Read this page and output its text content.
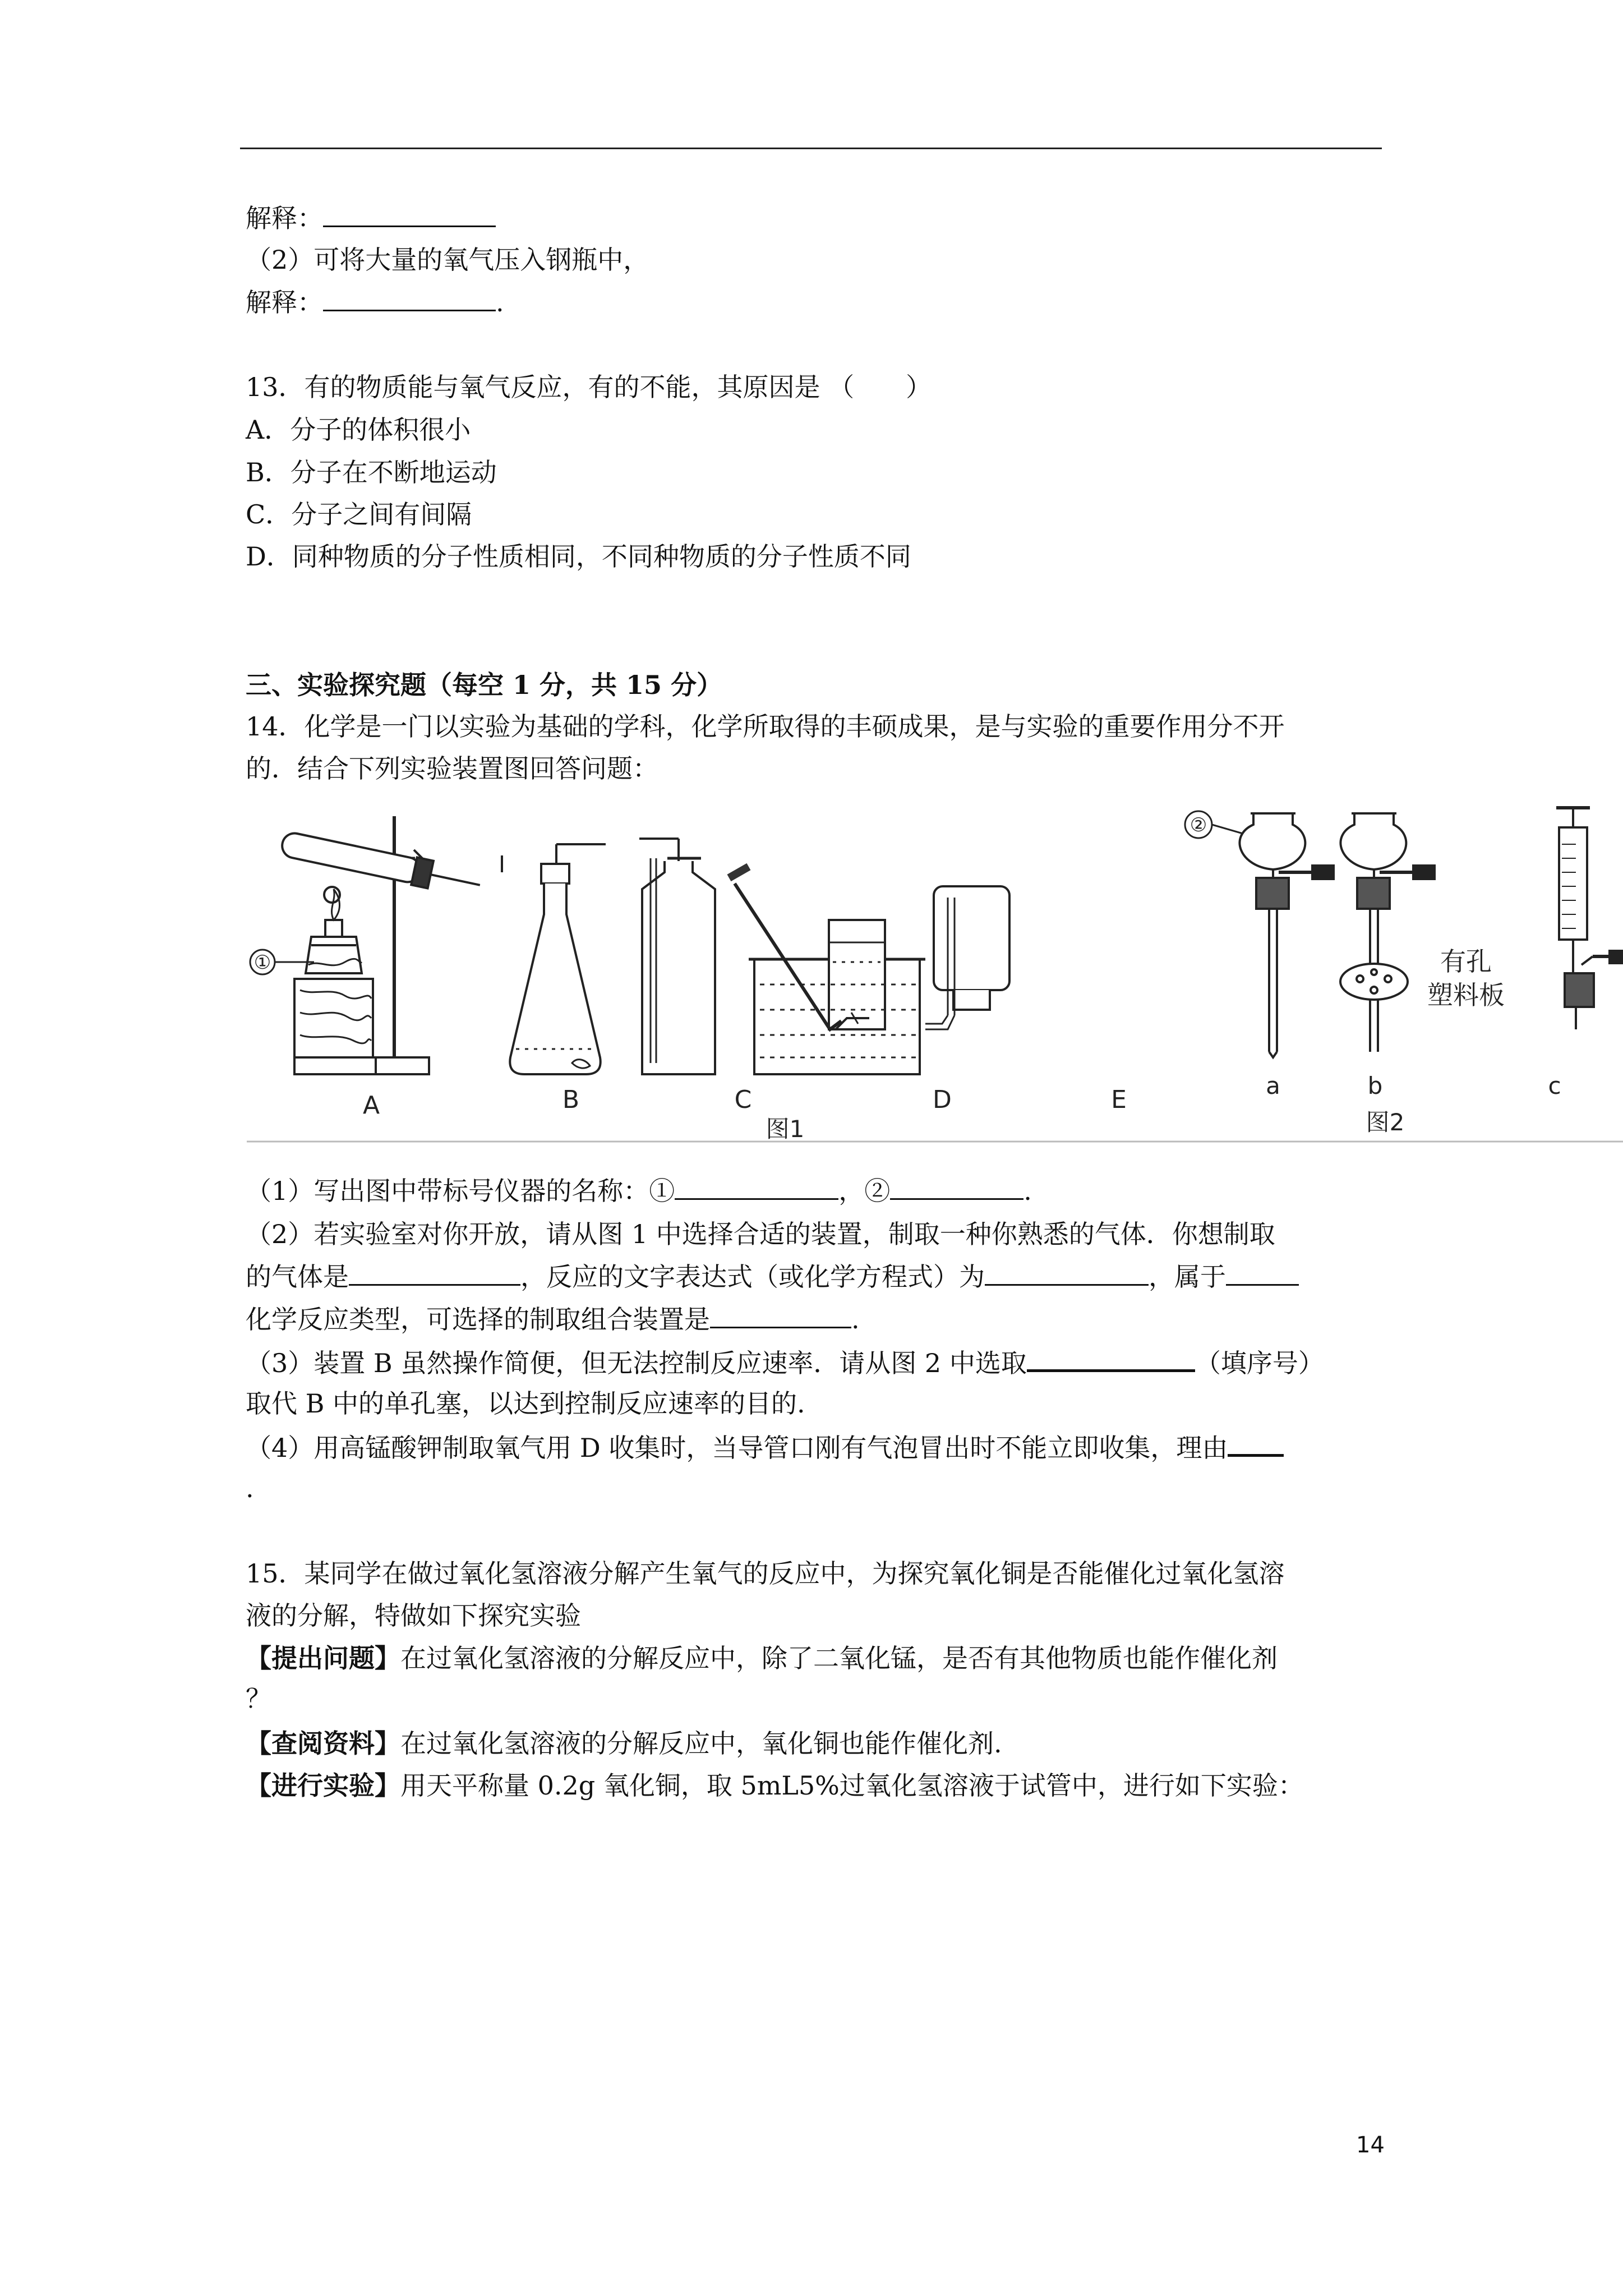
解释：
（2）可将大量的氧气压入钢瓶中，
解释：	.
13．有的物质能与氧气反应，有的不能，其原因是 （　　）
A．分子的体积很小
B．分子在不断地运动
C．分子之间有间隔
D．同种物质的分子性质相同，不同种物质的分子性质不同
三、实验探究题（每空 1 分，共 15 分）
14．化学是一门以实验为基础的学科，化学所取得的丰硕成果，是与实验的重要作用分不开
的．结合下列实验装置图回答问题：
①
A	B	C	D	E
②
有孔
塑料板
a	b	c
图1	图2
（1）写出图中带标号仪器的名称：①	，②	.
（2）若实验室对你开放，请从图 1 中选择合适的装置，制取一种你熟悉的气体．你想制取
的气体是	，反应的文字表达式（或化学方程式）为	，属于
化学反应类型，可选择的制取组合装置是	.
（3）装置 B 虽然操作简便，但无法控制反应速率．请从图 2 中选取	（填序号）
取代 B 中的单孔塞，以达到控制反应速率的目的.
（4）用高锰酸钾制取氧气用 D 收集时，当导管口刚有气泡冒出时不能立即收集，理由
.
15．某同学在做过氧化氢溶液分解产生氧气的反应中，为探究氧化铜是否能催化过氧化氢溶
液的分解，特做如下探究实验
【提出问题】在过氧化氢溶液的分解反应中，除了二氧化锰，是否有其他物质也能作催化剂
？
【查阅资料】在过氧化氢溶液的分解反应中，氧化铜也能作催化剂.
【进行实验】用天平称量 0.2g 氧化铜，取 5mL5%过氧化氢溶液于试管中，进行如下实验：
14
